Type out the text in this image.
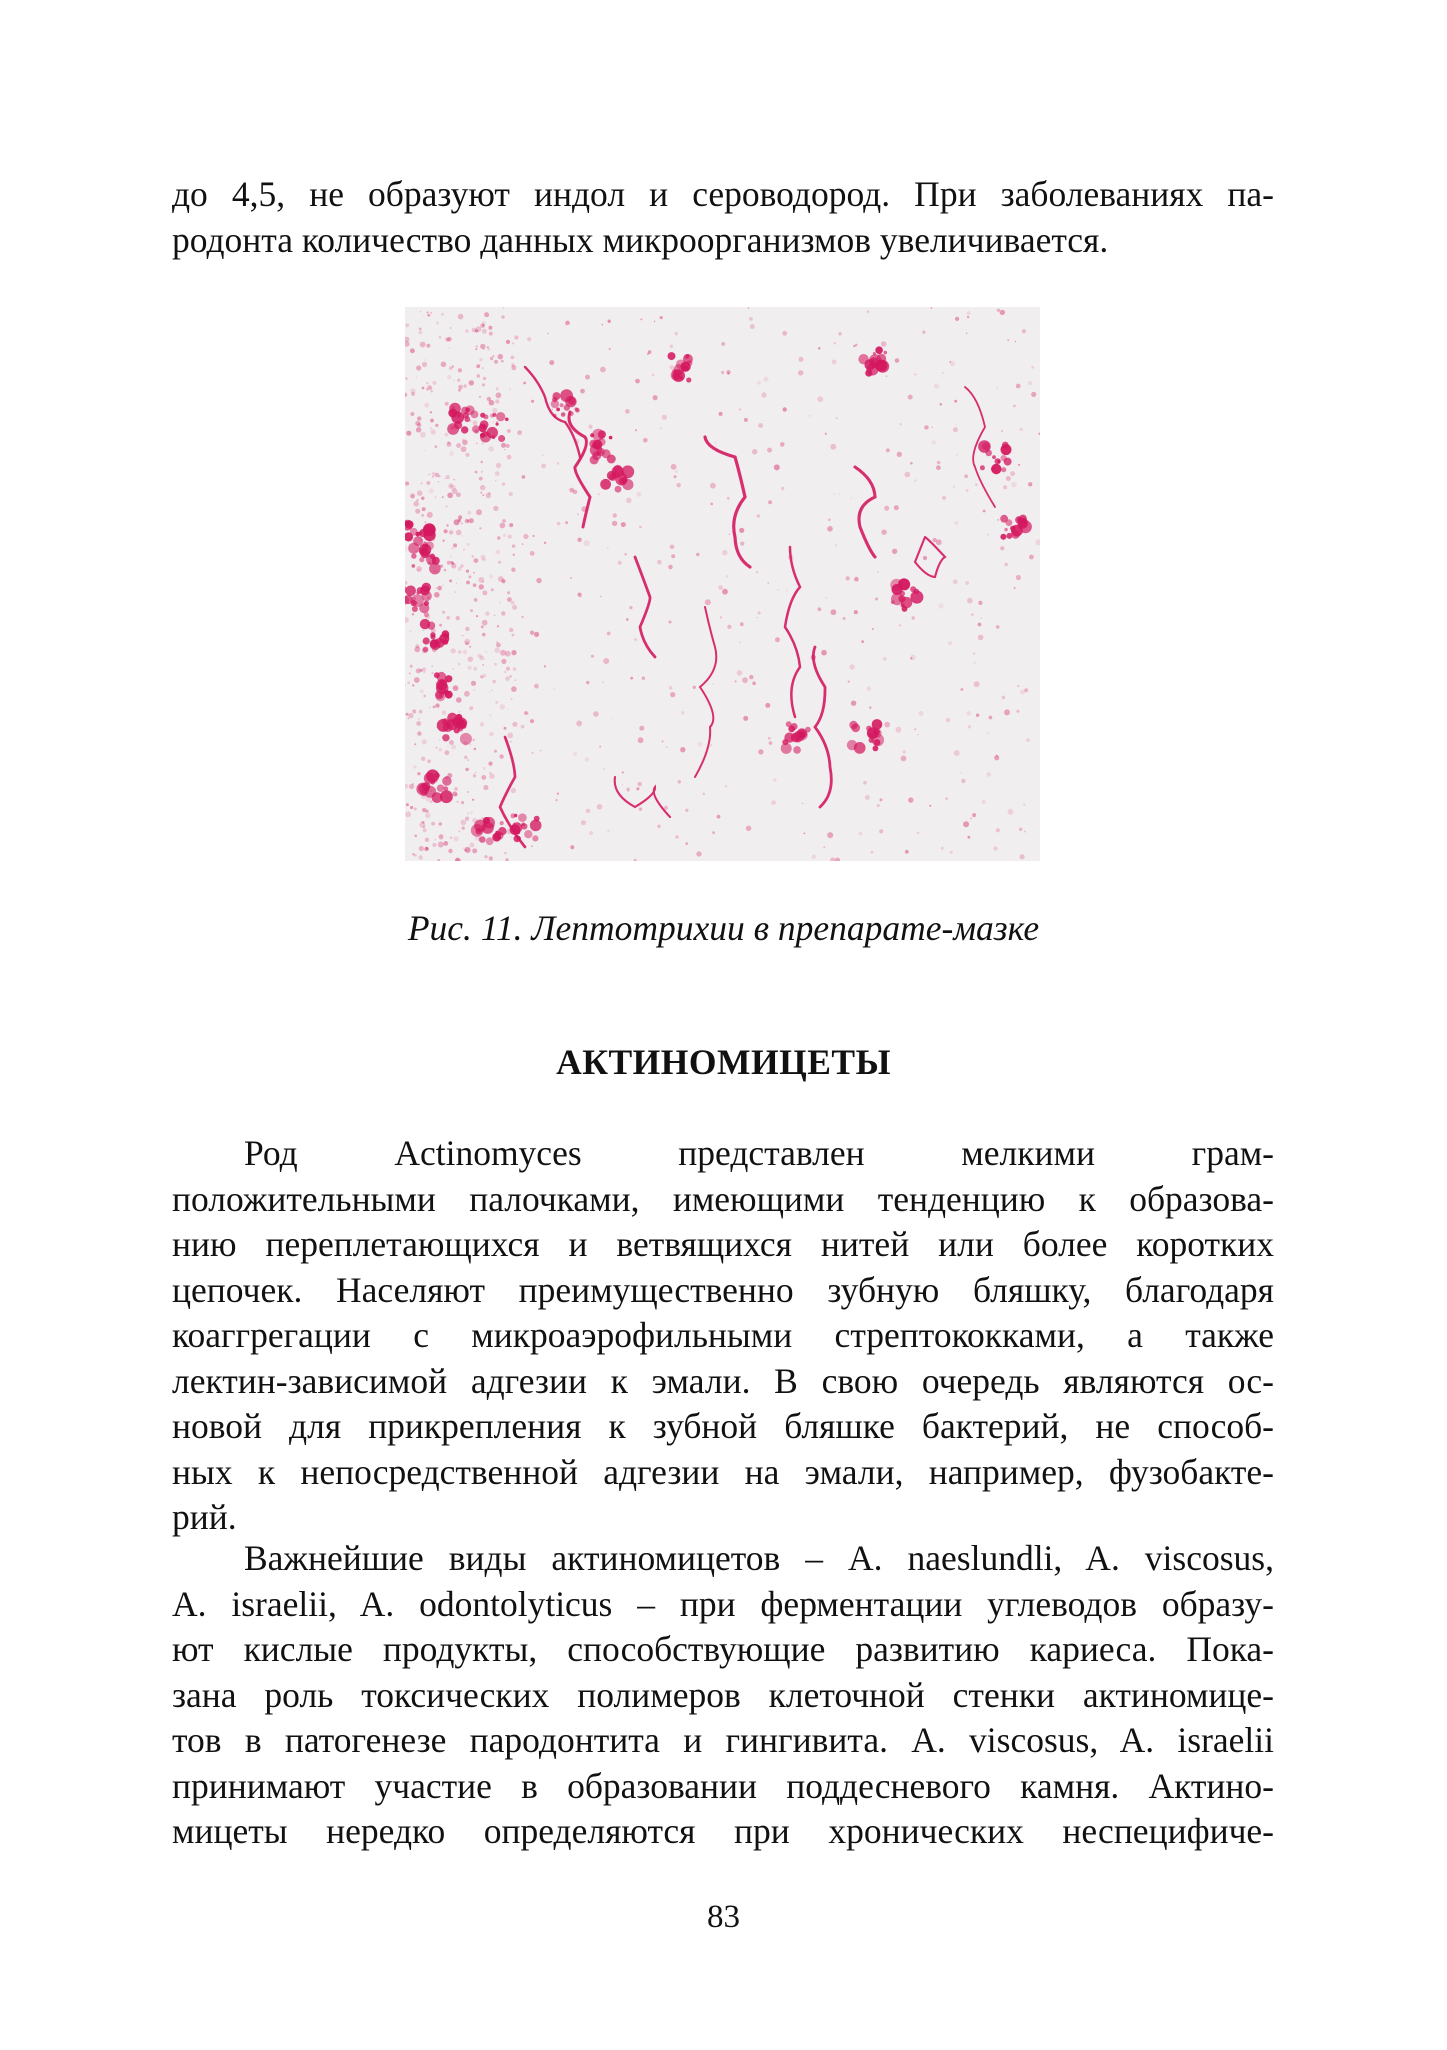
до 4,5, не образуют индол и сероводород. При заболеваниях па-
родонта количество данных микроорганизмов увеличивается.

Рис. 11. Лептотрихии в препарате-мазке

АКТИНОМИЦЕТЫ

Род Actinomyces представлен мелкими грам-
положительными палочками, имеющими тенденцию к образова-
нию переплетающихся и ветвящихся нитей или более коротких
цепочек. Населяют преимущественно зубную бляшку, благодаря
коаггрегации с микроаэрофильными стрептококками, а также
лектин-зависимой адгезии к эмали. В свою очередь являются ос-
новой для прикрепления к зубной бляшке бактерий, не способ-
ных к непосредственной адгезии на эмали, например, фузобакте-
рий.

Важнейшие виды актиномицетов – A. naeslundli, A. viscosus,
A. israelii, A. odontolyticus – при ферментации углеводов образу-
ют кислые продукты, способствующие развитию кариеса. Пока-
зана роль токсических полимеров клеточной стенки актиномице-
тов в патогенезе пародонтита и гингивита. A. viscosus, A. israelii
принимают участие в образовании поддесневого камня. Актино-
мицеты нередко определяются при хронических неспецифиче-

83
